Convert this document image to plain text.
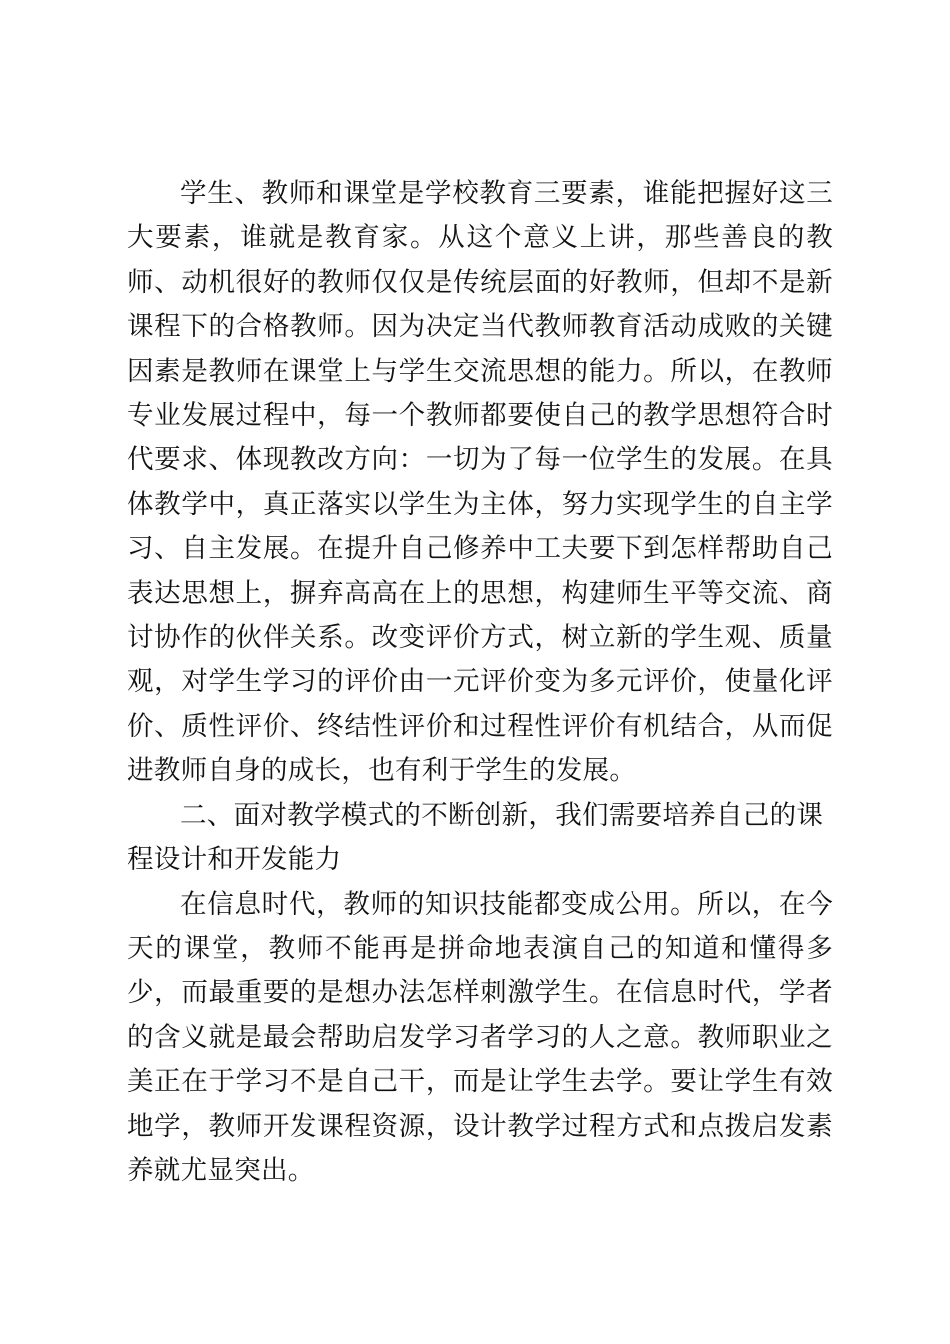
学生、教师和课堂是学校教育三要素，谁能把握好这三大要素，谁就是教育家。从这个意义上讲，那些善良的教师、动机很好的教师仅仅是传统层面的好教师，但却不是新课程下的合格教师。因为决定当代教师教育活动成败的关键因素是教师在课堂上与学生交流思想的能力。所以，在教师专业发展过程中，每一个教师都要使自己的教学思想符合时代要求、体现教改方向：一切为了每一位学生的发展。在具体教学中，真正落实以学生为主体，努力实现学生的自主学习、自主发展。在提升自己修养中工夫要下到怎样帮助自己表达思想上，摒弃高高在上的思想，构建师生平等交流、商讨协作的伙伴关系。改变评价方式，树立新的学生观、质量观，对学生学习的评价由一元评价变为多元评价，使量化评价、质性评价、终结性评价和过程性评价有机结合，从而促进教师自身的成长，也有利于学生的发展。

二、面对教学模式的不断创新，我们需要培养自己的课程设计和开发能力

在信息时代，教师的知识技能都变成公用。所以，在今天的课堂，教师不能再是拼命地表演自己的知道和懂得多少，而最重要的是想办法怎样刺激学生。在信息时代，学者的含义就是最会帮助启发学习者学习的人之意。教师职业之美正在于学习不是自己干，而是让学生去学。要让学生有效地学，教师开发课程资源，设计教学过程方式和点拨启发素养就尤显突出。
